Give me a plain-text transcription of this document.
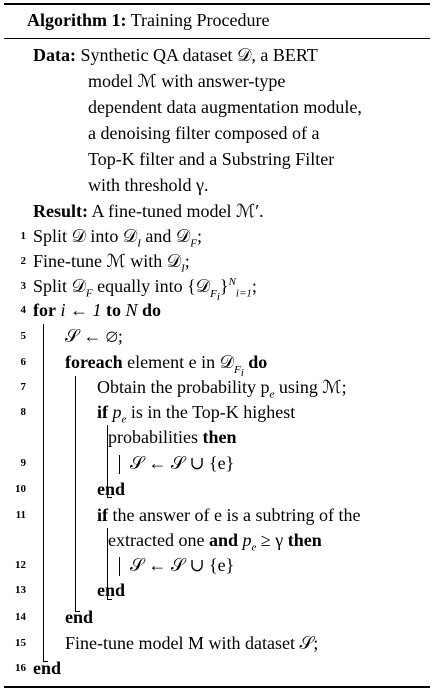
Algorithm 1: Training Procedure
Data: Synthetic QA dataset 𝒟, a BERT
model ℳ with answer-type
dependent data augmentation module,
a denoising filter composed of a
Top-K filter and a Substring Filter
with threshold γ.
Result: A fine-tuned model ℳ′.
1
2
3
4
5
6
7
8
9
10
11
12
13
14
15
16
Split 𝒟 into 𝒟$_I$ and 𝒟$_F$;
Fine-tune ℳ with 𝒟$_I$;
Split 𝒟$_F$ equally into {𝒟$_{F_i}$}$^N_{i=1}$;
for i ← 1 to N do
𝒮 ← ∅;
foreach element e in 𝒟$_{F_i}$ do
Obtain the probability $p_e$ using ℳ;
if $p_e$ is in the Top-K highest
probabilities then
𝒮 ← 𝒮 ∪ {e}
end
if the answer of e is a subtring of the
extracted one and $p_e \ge \gamma$ then
𝒮 ← 𝒮 ∪ {e}
end
end
Fine-tune model M with dataset 𝒮;
end
